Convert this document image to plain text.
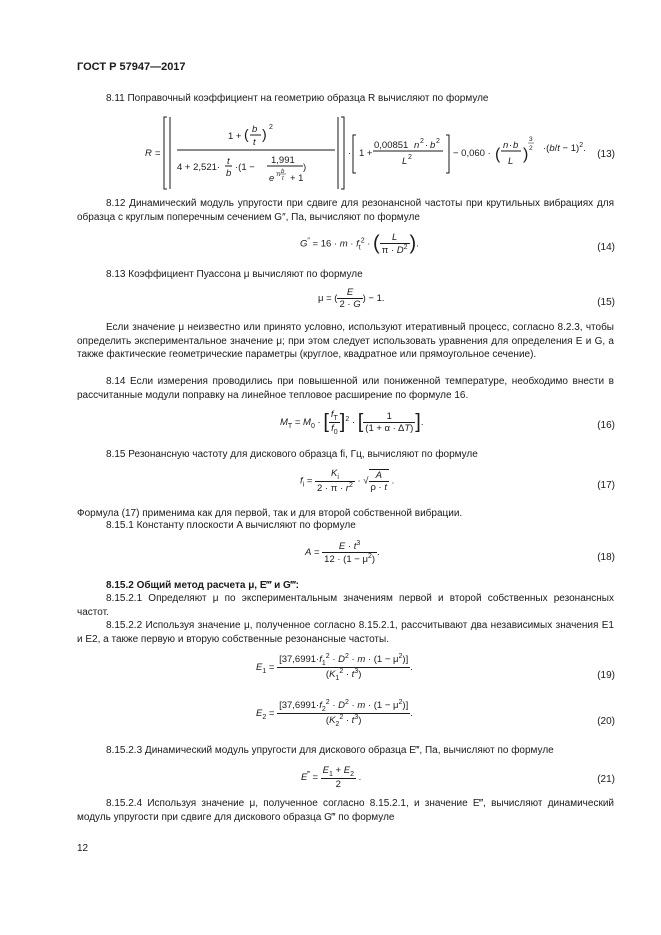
ГОСТ Р 57947—2017
8.11 Поправочный коэффициент на геометрию образца R вычисляют по формуле
R =
1 + ( b
t
) 2
4 + 2,521·
t
b
·(1 −
1,991
e π b
t + 1
)
· 1 +
0,00851 n 2 · b 2
L 2	− 0,060 · (
n · b
L )
3
$2 \cdot(b/t - 1)^2$.
(13)
8.12 Динамический модуль упругости при сдвиге для резонансной частоты при крутильных вибрациях для образца с круглым поперечным сечением G″, Па, вычисляют по формуле
$G'' = 16 \cdot m \cdot f_t^2$ · ( $\frac{L}{\pi \cdot D^2}$ ).	(14)
8.13 Коэффициент Пуассона μ вычисляют по формуле
μ = ( $\frac{E}{2 \cdot G}$ ) − 1.	(15)
Если значение μ неизвестно или принято условно, используют итеративный процесс, согласно 8.2.3, чтобы определить экспериментальное значение μ; при этом следует использовать уравнения для определения E и G, а также фактические геометрические параметры (круглое, квадратное или прямоугольное сечение).
8.14 Если измерения проводились при повышенной или пониженной температуре, необходимо внести в рассчитанные модули поправку на линейное тепловое расширение по формуле 16.
$M_T = M_0$ · [ $\frac{f_T}{f_0} ]^2$ · [ $\frac{1}{(1 + \alpha \cdot \Delta T)}$ ].	(16)
8.15 Резонансную частоту для дискового образца fi, Гц, вычисляют по формуле
$f_i = \frac{K_i}{2 \cdot \pi \cdot r^2}$ · √ $\frac{A}{\rho \cdot t}$ .	(17)
Формула (17) применима как для первой, так и для второй собственной вибрации.
8.15.1 Константу плоскости A вычисляют по формуле
$A = \frac{E \cdot t^3}{12 \cdot (1 - \mu^2)}$ .	(18)
8.15.2 Общий метод расчета μ, E‴ и G‴:
8.15.2.1 Определяют μ по экспериментальным значениям первой и второй собственных резонансных частот.
8.15.2.2 Используя значение μ, полученное согласно 8.15.2.1, рассчитывают два независимых значения E1 и E2, а также первую и вторую собственные резонансные частоты.
$E_1 = \frac{[37,6991\cdot f_1^2 \cdot D^2 \cdot m \cdot (1 - \mu^2)]}{(K_1^2 \cdot t^3)}$ .
(19)
$E_2 = \frac{[37,6991\cdot f_2^2 \cdot D^2 \cdot m \cdot (1 - \mu^2)]}{(K_2^2 \cdot t^3)}$ .
(20)
8.15.2.3 Динамический модуль упругости для дискового образца E‴, Па, вычисляют по формуле
$E^‴ = \frac{E_1 + E_2}{2}$ .	(21)
8.15.2.4 Используя значение μ, полученное согласно 8.15.2.1, и значение E‴, вычисляют динамический модуль упругости при сдвиге для дискового образца G‴ по формуле
12
